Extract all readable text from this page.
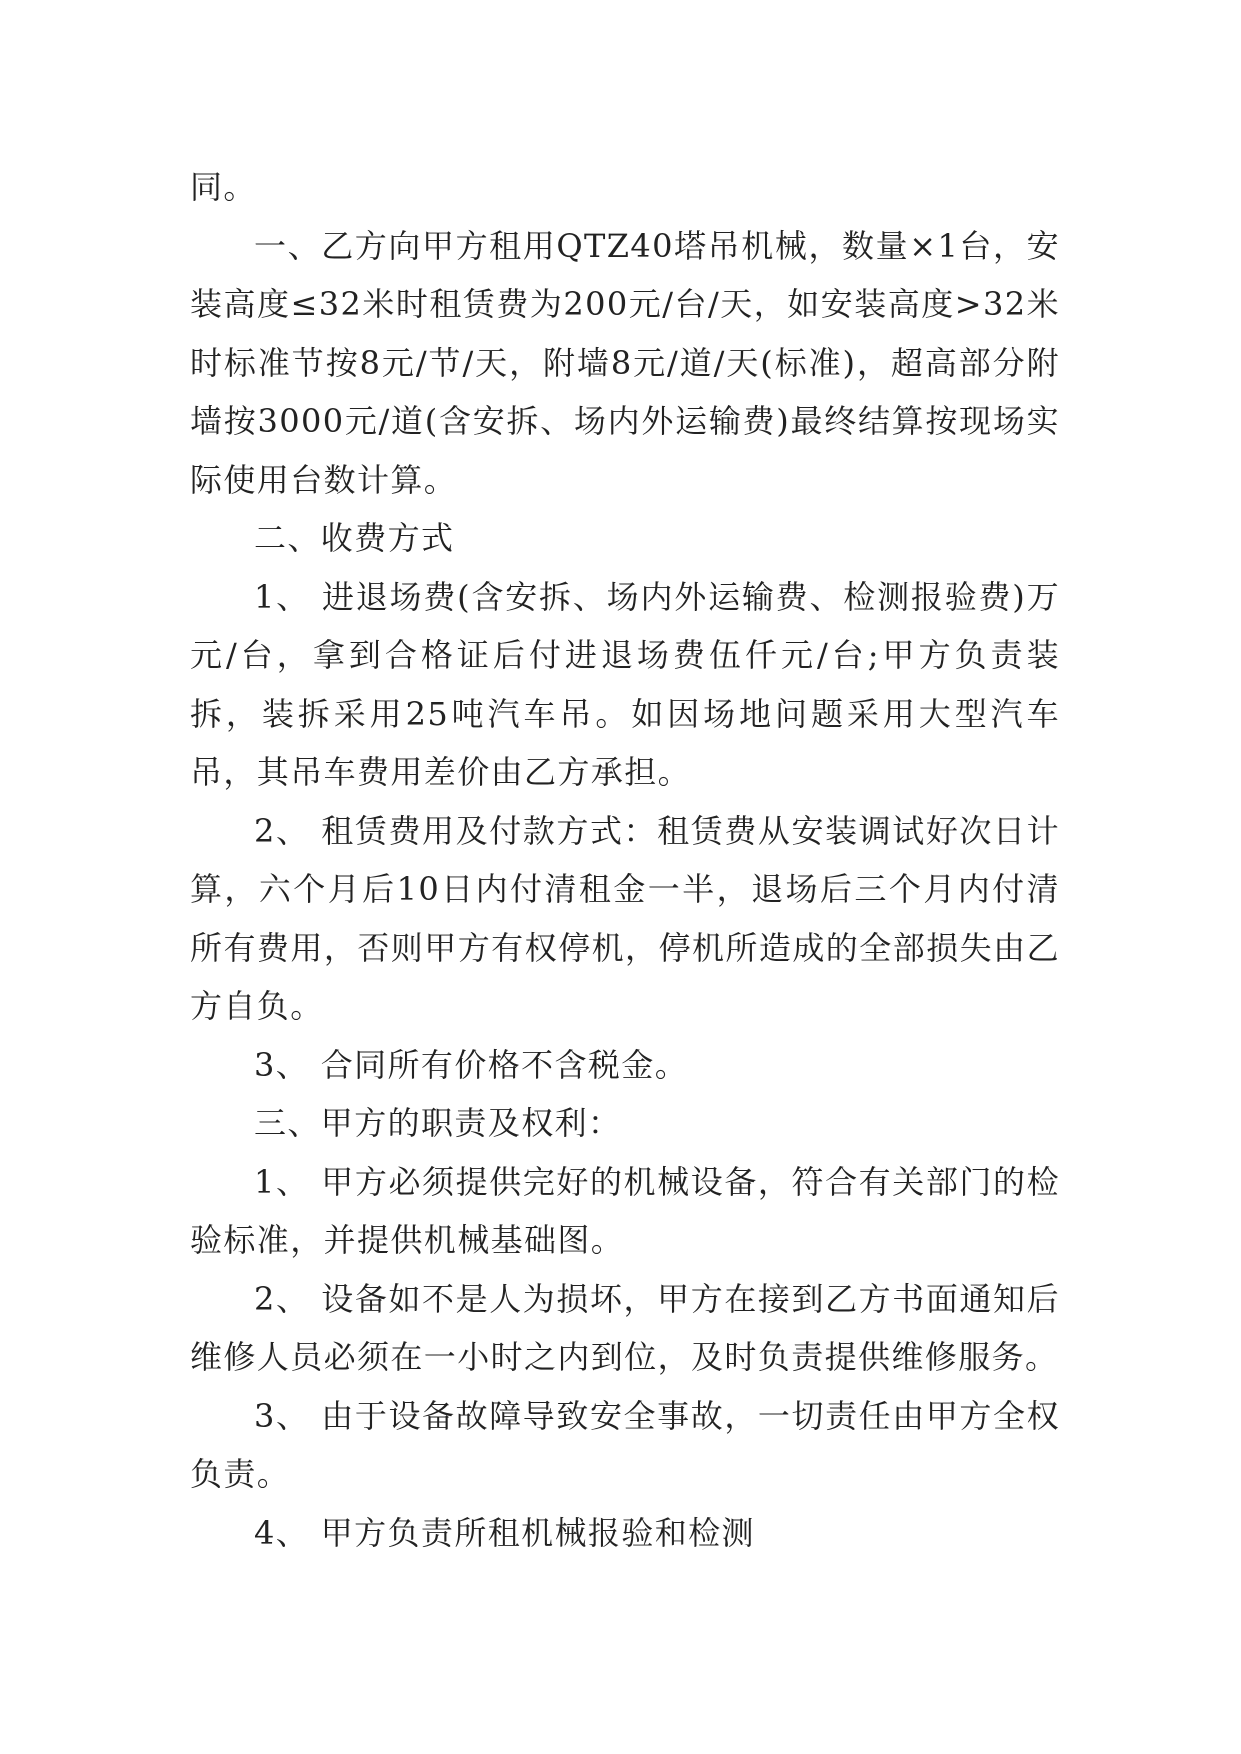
同。

一、乙方向甲方租用QTZ40塔吊机械，数量×1台，安装高度≤32米时租赁费为200元/台/天，如安装高度>32米时标准节按8元/节/天，附墙8元/道/天(标准)，超高部分附墙按3000元/道(含安拆、场内外运输费)最终结算按现场实际使用台数计算。

二、收费方式

1、 进退场费(含安拆、场内外运输费、检测报验费)万元/台，拿到合格证后付进退场费伍仟元/台;甲方负责装拆，装拆采用25吨汽车吊。如因场地问题采用大型汽车吊，其吊车费用差价由乙方承担。

2、 租赁费用及付款方式：租赁费从安装调试好次日计算，六个月后10日内付清租金一半，退场后三个月内付清所有费用，否则甲方有权停机，停机所造成的全部损失由乙方自负。

3、 合同所有价格不含税金。

三、甲方的职责及权利：

1、 甲方必须提供完好的机械设备，符合有关部门的检验标准，并提供机械基础图。

2、 设备如不是人为损坏，甲方在接到乙方书面通知后维修人员必须在一小时之内到位，及时负责提供维修服务。

3、 由于设备故障导致安全事故，一切责任由甲方全权负责。

4、 甲方负责所租机械报验和检测
